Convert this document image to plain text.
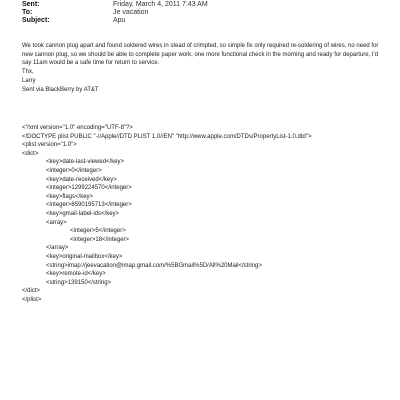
Sent:	Friday, March 4, 2011 7:43 AM
To:	Je vacation
Subject:	Apu

We took cannon plug apart and found soldered wires in stead of crimpted, so simple fix only required re-soldering of wires, no need for new cannon plug, so we should be able to complete paper work, one more functional check in the morning and ready for departure, I'd say 11am would be a safe time for return to service.

Thx,

Larry

Sent via BlackBerry by AT&T

<?xml version="1.0" encoding="UTF-8"?>

<!DOCTYPE plist PUBLIC "-//Apple//DTD PLIST 1.0//EN" "http://www.apple.com/DTDs/PropertyList-1.0.dtd">

<plist version="1.0">

<dict>

<key>date-last-viewed</key>

<integer>0</integer>

<key>date-received</key>

<integer>1299224570</integer>

<key>flags</key>

<integer>8590195713</integer>

<key>gmail-label-ids</key>

<array>

<integer>5</integer>

<integer>18</integer>

</array>

<key>original-mailbox</key>

<string>imap://jeevacation@imap.gmail.com/%5BGmail%5D/All%20Mail</string>

<key>remote-id</key>

<string>139150</string>

</dict>

</plist>
